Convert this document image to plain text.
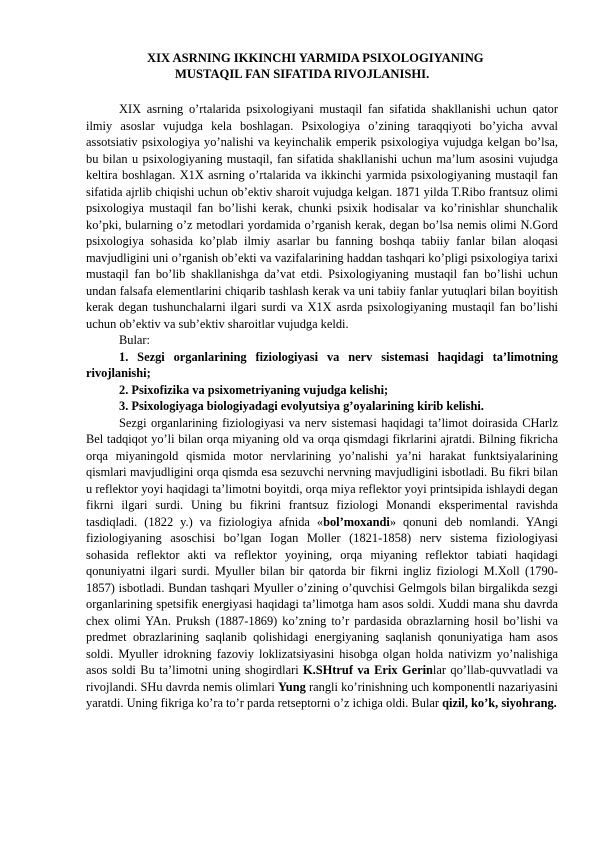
XIX ASRNING IKKINCHI YARMIDA PSIXOLOGIYANING
MUSTAQIL FAN SIFATIDA RIVOJLANISHI.

XIX asrning o’rtalarida psixologiyani mustaqil fan sifatida shakllanishi uchun qator ilmiy asoslar vujudga kela boshlagan. Psixologiya o’zining taraqqiyoti bo’yicha avval assotsiativ psixologiya yo’nalishi va keyinchalik emperik psixologiya vujudga kelgan bo’lsa, bu bilan u psixologiyaning mustaqil, fan sifatida shakllanishi uchun ma’lum asosini vujudga keltira boshlagan. X1X asrning o’rtalarida va ikkinchi yarmida psixologiyaning mustaqil fan sifatida ajrlib chiqishi uchun ob’ektiv sharoit vujudga kelgan. 1871 yilda T.Ribo frantsuz olimi psixologiya mustaqil fan bo’lishi kerak, chunki psixik hodisalar va ko’rinishlar shunchalik ko’pki, bularning o’z metodlari yordamida o’rganish kerak, degan bo’lsa nemis olimi N.Gord psixologiya sohasida ko’plab ilmiy asarlar bu fanning boshqa tabiiy fanlar bilan aloqasi mavjudligini uni o’rganish ob’ekti va vazifalarining haddan tashqari ko’pligi psixologiya tarixi mustaqil fan bo’lib shakllanishga da’vat etdi. Psixologiyaning mustaqil fan bo’lishi uchun undan falsafa elementlarini chiqarib tashlash kerak va uni tabiiy fanlar yutuqlari bilan boyitish kerak degan tushunchalarni ilgari surdi va X1X asrda psixologiyaning mustaqil fan bo’lishi uchun ob’ektiv va sub’ektiv sharoitlar vujudga keldi.

Bular:

1. Sezgi organlarining fiziologiyasi va nerv sistemasi haqidagi ta’limotning rivojlanishi;

2. Psixofizika va psixometriyaning vujudga kelishi;

3. Psixologiyaga biologiyadagi evolyutsiya g’oyalarining kirib kelishi.

Sezgi organlarining fiziologiyasi va nerv sistemasi haqidagi ta’limot doirasida CHarlz Bel tadqiqot yo’li bilan orqa miyaning old va orqa qismdagi fikrlarini ajratdi. Bilning fikricha orqa miyaningold qismida motor nervlarining yo’nalishi ya’ni harakat funktsiyalarining qismlari mavjudligini orqa qismda esa sezuvchi nervning mavjudligini isbotladi. Bu fikri bilan u reflektor yoyi haqidagi ta’limotni boyitdi, orqa miya reflektor yoyi printsipida ishlaydi degan fikrni ilgari surdi. Uning bu fikrini frantsuz fiziologi Monandi eksperimental ravishda tasdiqladi. (1822 y.) va fiziologiya afnida «bol’moxandi» qonuni deb nomlandi. YAngi fiziologiyaning asoschisi bo’lgan Iogan Moller (1821-1858) nerv sistema fiziologiyasi sohasida reflektor akti va reflektor yoyining, orqa miyaning reflektor tabiati haqidagi qonuniyatni ilgari surdi. Myuller bilan bir qatorda bir fikrni ingliz fiziologi M.Xoll (1790-1857) isbotladi. Bundan tashqari Myuller o’zining o’quvchisi Gelmgols bilan birgalikda sezgi organlarining spetsifik energiyasi haqidagi ta’limotga ham asos soldi. Xuddi mana shu davrda chex olimi YAn. Pruksh (1887-1869) ko’zning to’r pardasida obrazlarning hosil bo’lishi va predmet obrazlarining saqlanib qolishidagi energiyaning saqlanish qonuniyatiga ham asos soldi. Myuller idrokning fazoviy loklizatsiyasini hisobga olgan holda nativizm yo’nalishiga asos soldi Bu ta’limotni uning shogirdlari K.SHtruf va Erix Gerinlar qo’llab-quvvatladi va rivojlandi. SHu davrda nemis olimlari Yung rangli ko’rinishning uch komponentli nazariyasini yaratdi. Uning fikriga ko’ra to’r parda retseptorni o’z ichiga oldi. Bular qizil, ko’k, siyohrang.
